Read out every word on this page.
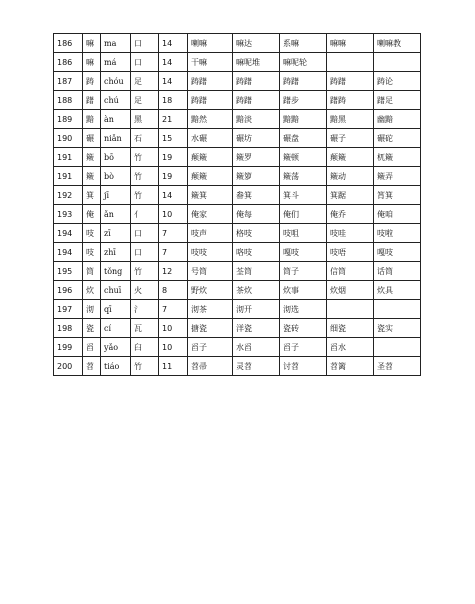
186	嘛	ma	口	14	喇嘛	嘛达	系嘛	嘛嘛	喇嘛教
186	嘛	má	口	14	干嘛	嘛呢堆	嘛呢轮		
187	踌	chóu	足	14	踌躇	踌躇	踌躇	踌躇	踌论
188	躇	chú	足	18	踌躇	踌躇	躇步	躇踌	躇足
189	黯	àn	黑	21	黯然	黯淡	黯黯	黯黑	幽黯
190	碾	niǎn	石	15	水碾	碾坊	碾盘	碾子	碾砣
191	簸	bō	竹	19	颠簸	簸罗	簸顿	颠簸	杌簸
191	簸	bò	竹	19	颠簸	簸箩	簸荡	簸动	簸弄
192	箕	jī	竹	14	簸箕	畚箕	箕斗	箕踞	筲箕
193	俺	ǎn	亻	10	俺家	俺每	俺们	俺乔	俺咱
194	吱	zī	口	7	吱声	格吱	吱咀	吱哇	吱啦
194	吱	zhī	口	7	吱吱	咯吱	嘎吱	吱唔	嘎吱
195	筒	tǒng	竹	12	号筒	荃筒	筒子	信筒	话筒
196	炊	chuī	火	8	野炊	茶炊	炊事	炊烟	炊具
197	沏	qī	氵	7	沏茶	沏开	沏选		
198	瓷	cí	瓦	10	搪瓷	洋瓷	瓷砖	细瓷	瓷实
199	舀	yǎo	臼	10	舀子	水舀	舀子	舀水	
200	苕	tiáo	竹	11	苕帚	灵苕	讨苕	苕篱	圣苕
